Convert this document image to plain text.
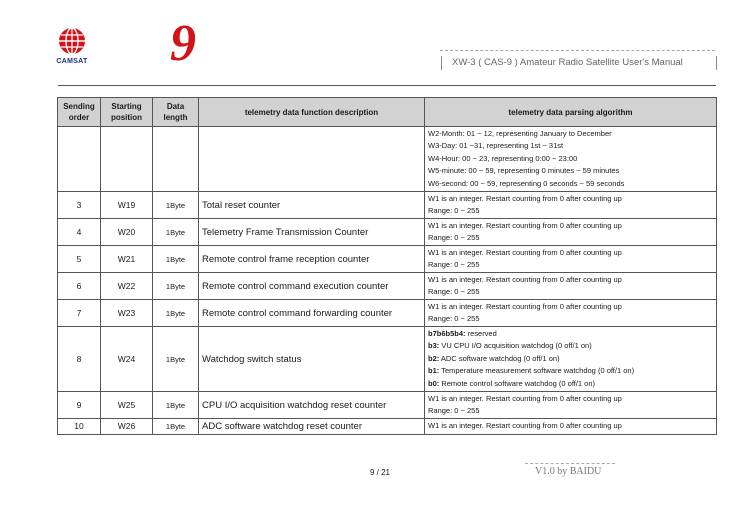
CAMSAT 9	XW-3 ( CAS-9 ) Amateur Radio Satellite User's Manual
Sending order	Starting position	Data length	telemetry data function description	telemetry data parsing algorithm

				W2-Month: 01 ~ 12, representing January to December
W3-Day: 01 ~31, representing 1st ~ 31st
W4-Hour: 00 ~ 23, representing 0:00 ~ 23:00
W5-minute: 00 ~ 59, representing 0 minutes ~ 59 minutes
W6-second: 00 ~ 59, representing 0 seconds ~ 59 seconds

3	W19	1Byte	Total reset counter	W1 is an integer. Restart counting from 0 after counting up
Range: 0 ~ 255

4	W20	1Byte	Telemetry Frame Transmission Counter	W1 is an integer. Restart counting from 0 after counting up
Range: 0 ~ 255

5	W21	1Byte	Remote control frame reception counter	W1 is an integer. Restart counting from 0 after counting up
Range: 0 ~ 255

6	W22	1Byte	Remote control command execution counter	W1 is an integer. Restart counting from 0 after counting up
Range: 0 ~ 255

7	W23	1Byte	Remote control command forwarding counter	W1 is an integer. Restart counting from 0 after counting up
Range: 0 ~ 255

8	W24	1Byte	Watchdog switch status	b7b6b5b4: reserved
b3: VU CPU I/O acquisition watchdog (0 off/1 on)
b2: ADC software watchdog (0 off/1 on)
b1: Temperature measurement software watchdog (0 off/1 on)
b0: Remote control software watchdog (0 off/1 on)

9	W25	1Byte	CPU I/O acquisition watchdog reset counter	W1 is an integer. Restart counting from 0 after counting up
Range: 0 ~ 255

10	W26	1Byte	ADC software watchdog reset counter	W1 is an integer. Restart counting from 0 after counting up
9 / 21	V1.0 by BAIDU
